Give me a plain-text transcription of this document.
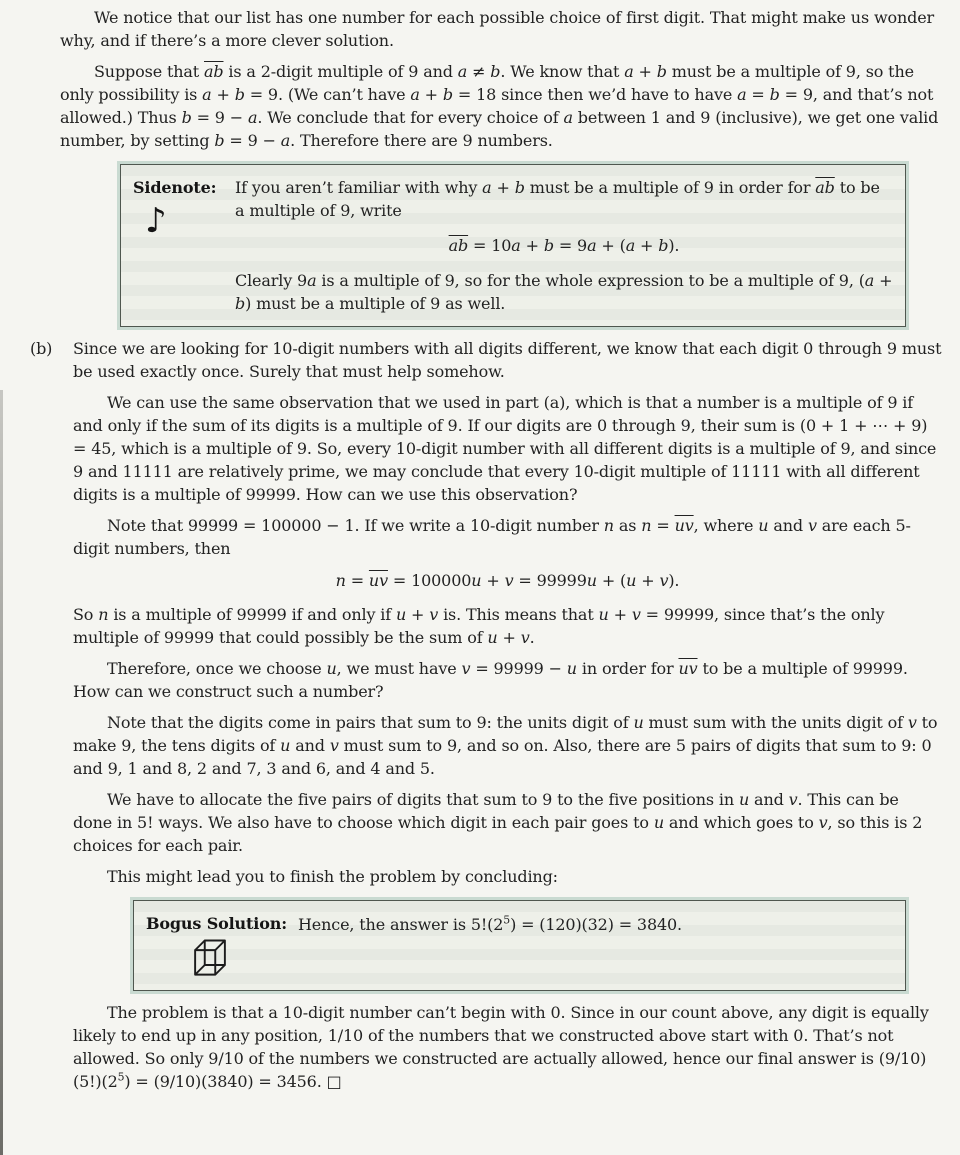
We notice that our list has one number for each possible choice of first digit. That might make us wonder why, and if there’s a more clever solution.

Suppose that $\overline{ab}$ is a 2-digit multiple of 9 and a ≠ b. We know that a + b must be a multiple of 9, so the only possibility is a + b = 9. (We can’t have a + b = 18 since then we’d have to have a = b = 9, and that’s not allowed.) Thus b = 9 − a. We conclude that for every choice of a between 1 and 9 (inclusive), we get one valid number, by setting b = 9 − a. Therefore there are 9 numbers.

Sidenote:
♪

If you aren’t familiar with why a + b must be a multiple of 9 in order for $\overline{ab}$ to be a multiple of 9, write

$\overline{ab} = 10a + b = 9a + (a + b)$.

Clearly 9a is a multiple of 9, so for the whole expression to be a multiple of 9, (a + b) must be a multiple of 9 as well.

(b)	Since we are looking for 10-digit numbers with all digits different, we know that each digit 0 through 9 must be used exactly once. Surely that must help somehow.

We can use the same observation that we used in part (a), which is that a number is a multiple of 9 if and only if the sum of its digits is a multiple of 9. If our digits are 0 through 9, their sum is (0 + 1 + ⋯ + 9) = 45, which is a multiple of 9. So, every 10-digit number with all different digits is a multiple of 9, and since 9 and 11111 are relatively prime, we may conclude that every 10-digit multiple of 11111 with all different digits is a multiple of 99999. How can we use this observation?

Note that 99999 = 100000 − 1. If we write a 10-digit number n as $n = \overline{uv}$, where u and v are each 5-digit numbers, then

$n = \overline{uv} = 100000u + v = 99999u + (u + v)$.

So n is a multiple of 99999 if and only if u + v is. This means that u + v = 99999, since that’s the only multiple of 99999 that could possibly be the sum of u + v.

Therefore, once we choose u, we must have v = 99999 − u in order for $\overline{uv}$ to be a multiple of 99999. How can we construct such a number?

Note that the digits come in pairs that sum to 9: the units digit of u must sum with the units digit of v to make 9, the tens digits of u and v must sum to 9, and so on. Also, there are 5 pairs of digits that sum to 9: 0 and 9, 1 and 8, 2 and 7, 3 and 6, and 4 and 5.

We have to allocate the five pairs of digits that sum to 9 to the five positions in u and v. This can be done in 5! ways. We also have to choose which digit in each pair goes to u and which goes to v, so this is 2 choices for each pair.

This might lead you to finish the problem by concluding:

Bogus Solution: Hence, the answer is $5!(2^5) = (120)(32) = 3840$.

The problem is that a 10-digit number can’t begin with 0. Since in our count above, any digit is equally likely to end up in any position, 1/10 of the numbers that we constructed above start with 0. That’s not allowed. So only 9/10 of the numbers we constructed are actually allowed, hence our final answer is $(9/10)(5!)(2^5) = (9/10)(3840) = 3456$. □
